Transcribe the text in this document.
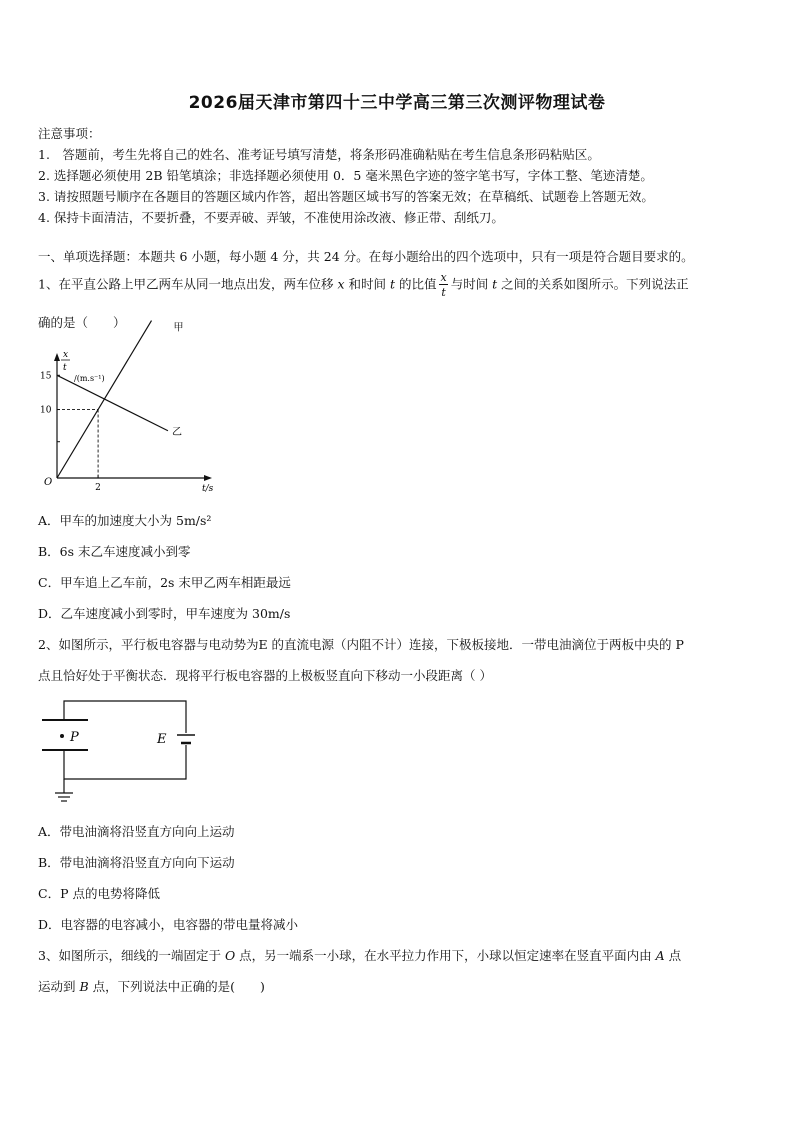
2026届天津市第四十三中学高三第三次测评物理试卷
注意事项：
1.　答题前，考生先将自己的姓名、准考证号填写清楚，将条形码准确粘贴在考生信息条形码粘贴区。
2. 选择题必须使用 2B 铅笔填涂；非选择题必须使用 0．5 毫米黑色字迹的签字笔书写，字体工整、笔迹清楚。
3. 请按照题号顺序在各题目的答题区域内作答，超出答题区域书写的答案无效；在草稿纸、试题卷上答题无效。
4. 保持卡面清洁，不要折叠，不要弄破、弄皱，不准使用涂改液、修正带、刮纸刀。
一、单项选择题：本题共 6 小题，每小题 4 分，共 24 分。在每小题给出的四个选项中，只有一项是符合题目要求的。
1、在平直公路上甲乙两车从同一地点出发，两车位移 x 和时间 t 的比值 $\frac{x}{t}$ 与时间 t 之间的关系如图所示。下列说法正
确的是（　　）
x
t
/(m.s⁻¹)
O
t/s
甲
乙
15
10
2
A．甲车的加速度大小为 5m/s²
B．6s 末乙车速度减小到零
C．甲车追上乙车前，2s 末甲乙两车相距最远
D．乙车速度减小到零时，甲车速度为 30m/s
2、如图所示，平行板电容器与电动势为E 的直流电源（内阻不计）连接，下极板接地．一带电油滴位于两板中央的 P
点且恰好处于平衡状态．现将平行板电容器的上极板竖直向下移动一小段距离（ ）
P	E
A．带电油滴将沿竖直方向向上运动
B．带电油滴将沿竖直方向向下运动
C．P 点的电势将降低
D．电容器的电容减小，电容器的带电量将减小
3、如图所示，细线的一端固定于 O 点，另一端系一小球，在水平拉力作用下，小球以恒定速率在竖直平面内由 A 点
运动到 B 点，下列说法中正确的是(　　)
